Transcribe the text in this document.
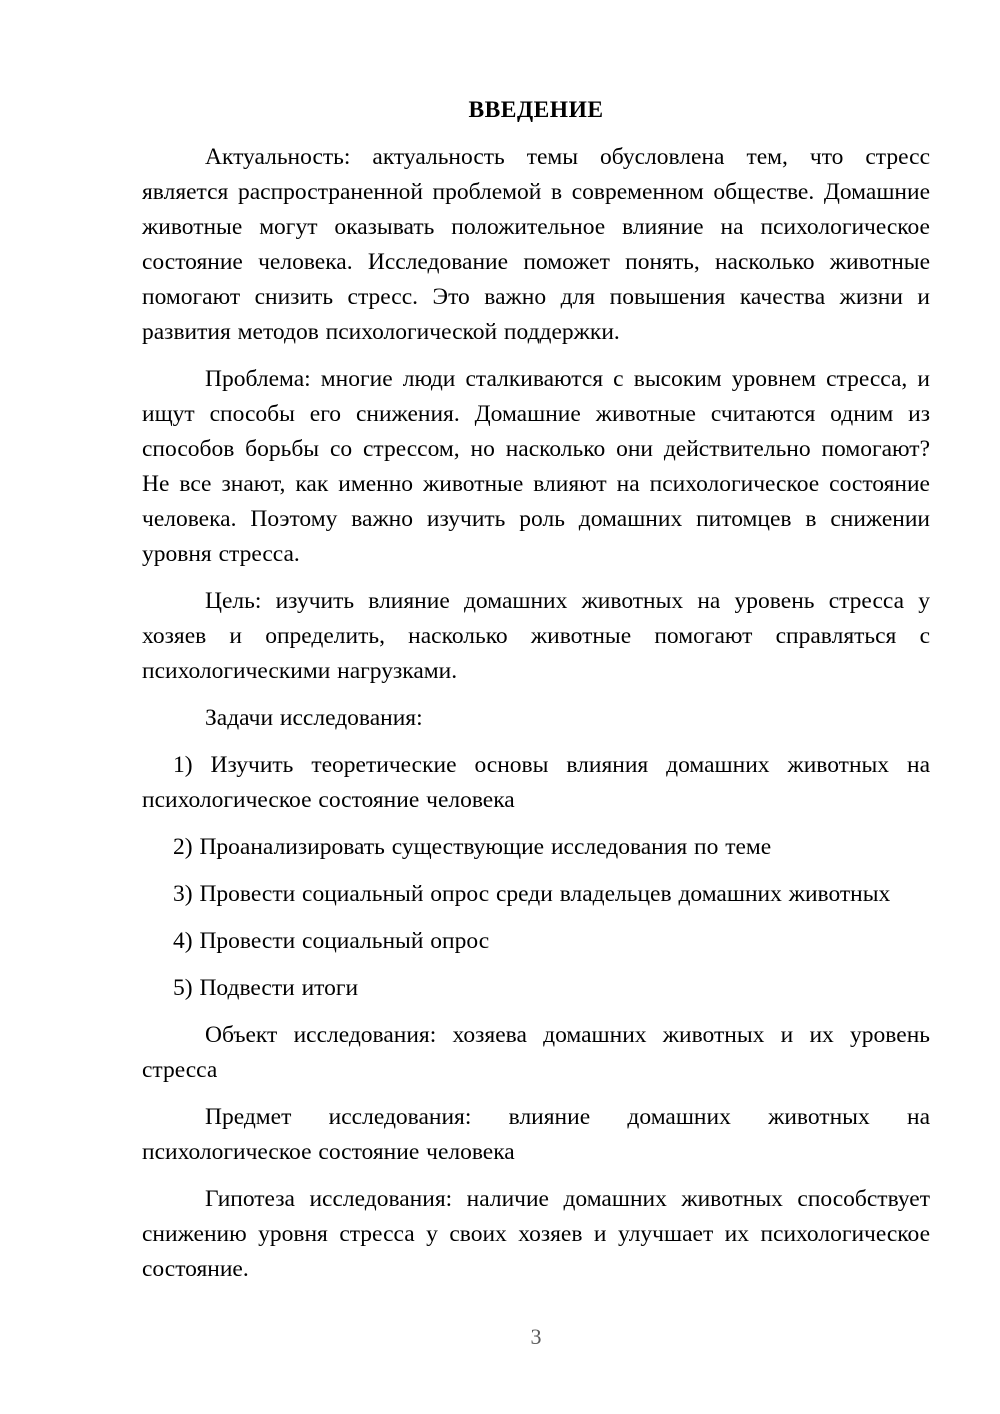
ВВЕДЕНИЕ

Актуальность: актуальность темы обусловлена тем, что стресс является распространенной проблемой в современном обществе. Домашние животные могут оказывать положительное влияние на психологическое состояние человека. Исследование поможет понять, насколько животные помогают снизить стресс. Это важно для повышения качества жизни и развития методов психологической поддержки.

Проблема: многие люди сталкиваются с высоким уровнем стресса, и ищут способы его снижения. Домашние животные считаются одним из способов борьбы со стрессом, но насколько они действительно помогают? Не все знают, как именно животные влияют на психологическое состояние человека. Поэтому важно изучить роль домашних питомцев в снижении уровня стресса.

Цель: изучить влияние домашних животных на уровень стресса у хозяев и определить, насколько животные помогают справляться с психологическими нагрузками.

Задачи исследования:

1) Изучить теоретические основы влияния домашних животных на психологическое состояние человека

2) Проанализировать существующие исследования по теме

3) Провести социальный опрос среди владельцев домашних животных

4) Провести социальный опрос

5) Подвести итоги

Объект исследования: хозяева домашних животных и их уровень стресса

Предмет исследования: влияние домашних животных на психологическое состояние человека

Гипотеза исследования: наличие домашних животных способствует снижению уровня стресса у своих хозяев и улучшает их психологическое состояние.

3
